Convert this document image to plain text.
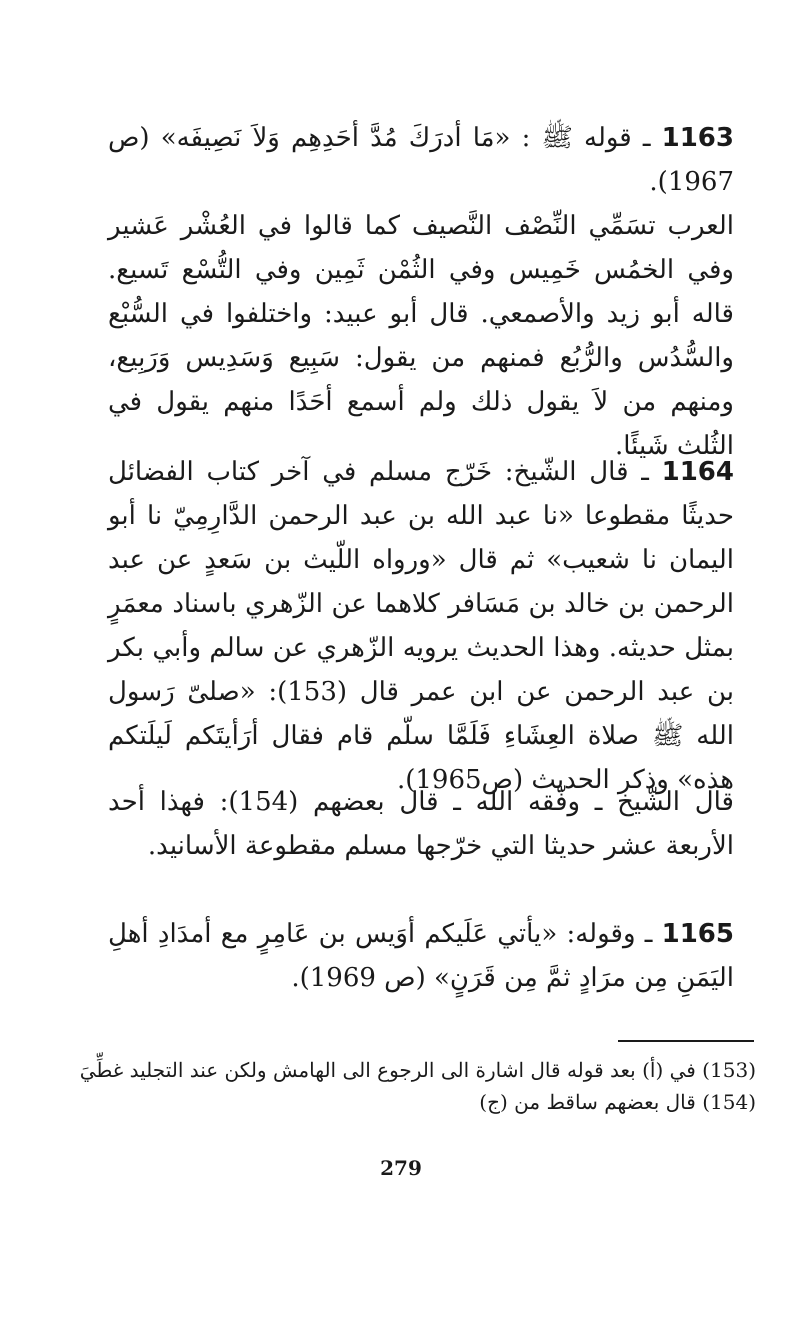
1163 ـ قوله ﷺ : «مَا أدرَكَ مُدَّ أحَدِهِم وَلاَ نَصِيفَه» (ص 1967).

العرب تسَمِّي النِّصْف النَّصيف كما قالوا في العُشْر عَشير وفي الخمُس خَمِيس وفي الثُمْن ثَمِين وفي التُّسْع تَسيع. قاله أبو زيد والأصمعي. قال أبو عبيد: واختلفوا في السُّبْع والسُّدُس والرُّبُع فمنهم من يقول: سَبِيع وَسَدِيس وَرَبِيع، ومنهم من لاَ يقول ذلك ولم أسمع أحَدًا منهم يقول في الثُلث شَيئًا.

1164 ـ قال الشّيخ: خَرّج مسلم في آخر كتاب الفضائل حديثًا مقطوعا «نا عبد الله بن عبد الرحمن الدَّارِمِيّ نا أبو اليمان نا شعيب» ثم قال «ورواه اللّيث بن سَعدٍ عن عبد الرحمن بن خالد بن مَسَافر كلاهما عن الزّهري باسناد معمَرٍ بمثل حديثه. وهذا الحديث يرويه الزّهري عن سالم وأبي بكر بن عبد الرحمن عن ابن عمر قال (153): «صلىّ رَسول الله ﷺ صلاة العِشَاءِ فَلَمَّا سلّم قام فقال أرَأيتَكم لَيلَتكم هذه» وذكر الحديث (ص1965).

قال الشّيخ ـ وفّقه الله ـ قال بعضهم (154): فهذا أحد الأربعة عشر حديثا التي خرّجها مسلم مقطوعة الأسانيد.

1165 ـ وقوله: «يأتي عَلَيكم أوَيس بن عَامِرٍ مع أمدَادِ أهلِ اليَمَنِ مِن مرَادٍ ثمَّ مِن قَرَنٍ» (ص 1969).

(153) في (أ) بعد قوله قال اشارة الى الرجوع الى الهامش ولكن عند التجليد غطِّيَ
(154) قال بعضهم ساقط من (ج)
279
